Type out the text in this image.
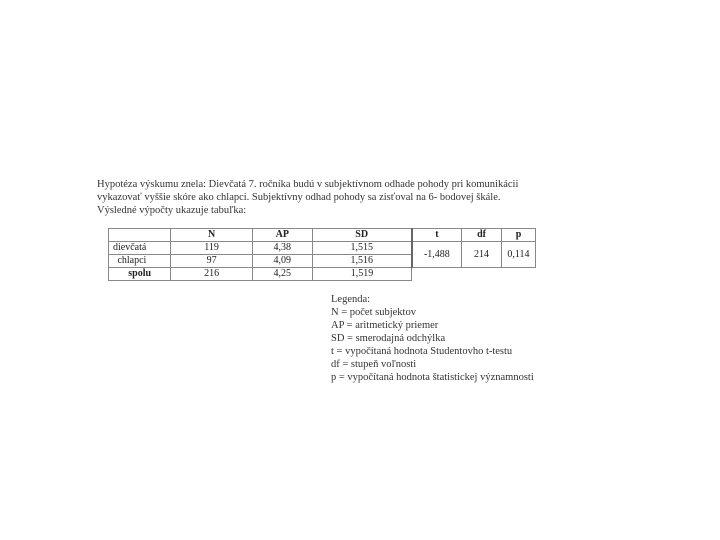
Hypotéza výskumu znela: Dievčatá 7. ročníka budú v subjektívnom odhade pohody pri komunikácii
vykazovať vyššie skóre ako chlapci. Subjektívny odhad pohody sa zisťoval na 6- bodovej škále.
Výsledné výpočty ukazuje tabuľka:
	N	AP	SD	t	df	p
dievčatá	119	4,38	1,515	-1,488	214	0,114
chlapci	97	4,09	1,516			
spolu	216	4,25	1,519			
Legenda:
N = počet subjektov
AP = aritmetický priemer
SD = smerodajná odchýlka
t = vypočítaná hodnota Studentovho t-testu
df = stupeň voľnosti
p = vypočítaná hodnota štatistickej významnosti
